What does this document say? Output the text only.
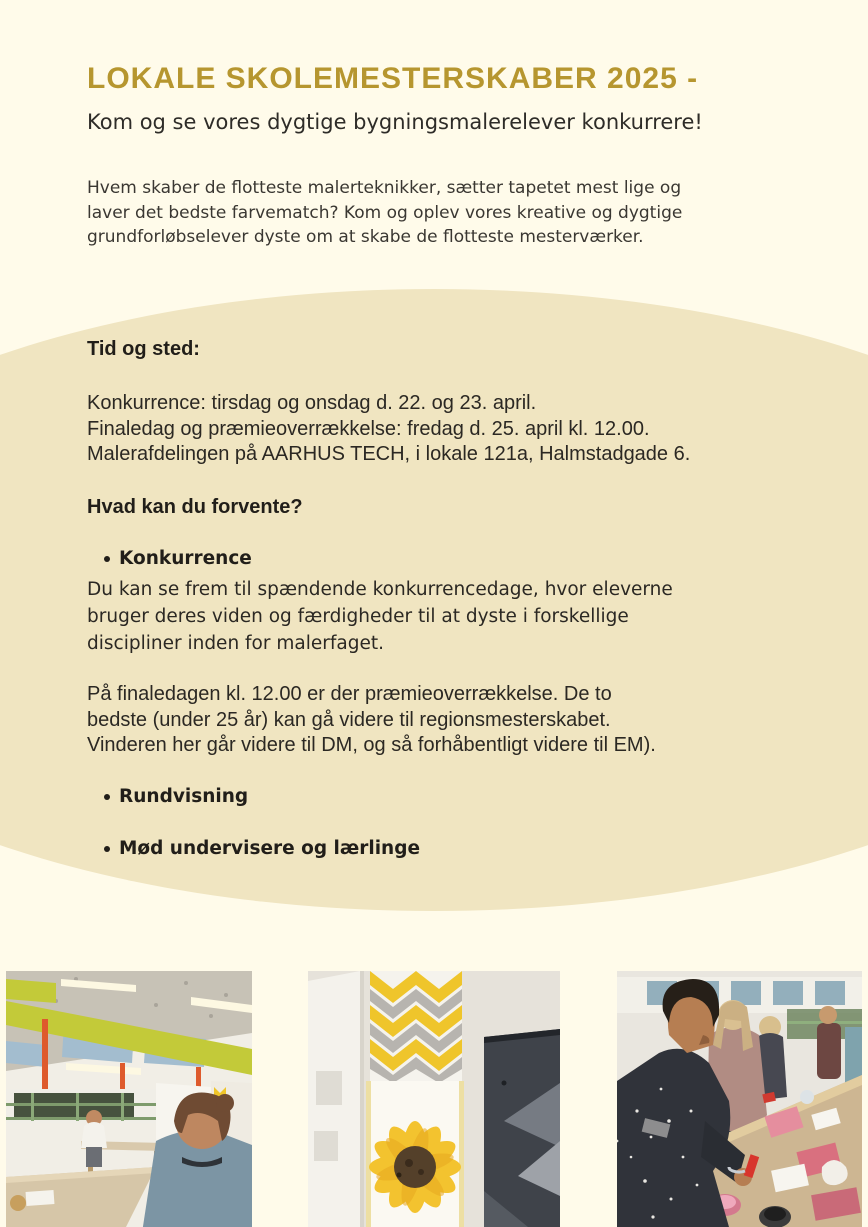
LOKALE SKOLEMESTERSKABER 2025 -
Kom og se vores dygtige bygningsmalerelever konkurrere!
Hvem skaber de flotteste malerteknikker, sætter tapetet mest lige og
laver det bedste farvematch? Kom og oplev vores kreative og dygtige
grundforløbselever dyste om at skabe de flotteste mesterværker.
Tid og sted:
Konkurrence: tirsdag og onsdag d. 22. og 23. april.
Finaledag og præmieoverrækkelse: fredag d. 25. april kl. 12.00.
Malerafdelingen på AARHUS TECH, i lokale 121a, Halmstadgade 6.
Hvad kan du forvente?
Konkurrence
Du kan se frem til spændende konkurrencedage, hvor eleverne
bruger deres viden og færdigheder til at dyste i forskellige
discipliner inden for malerfaget.
På finaledagen kl. 12.00 er der præmieoverrækkelse. De to
bedste (under 25 år) kan gå videre til regionsmesterskabet.
Vinderen her går videre til DM, og så forhåbentligt videre til EM).
Rundvisning
Mød undervisere og lærlinge
